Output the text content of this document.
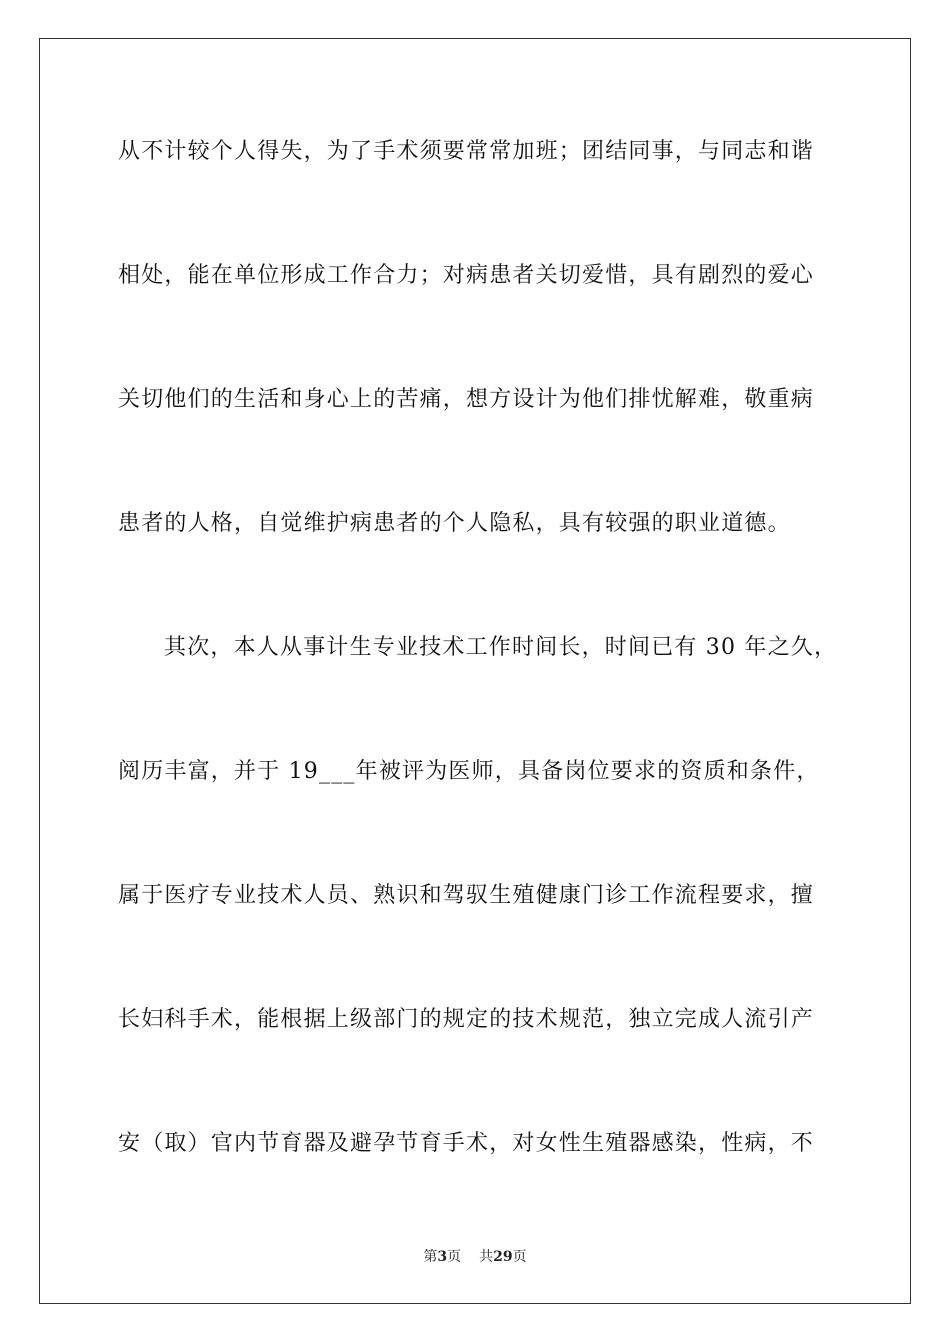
从不计较个人得失，为了手术须要常常加班；团结同事，与同志和谐
相处，能在单位形成工作合力；对病患者关切爱惜，具有剧烈的爱心
关切他们的生活和身心上的苦痛，想方设计为他们排忧解难，敬重病
患者的人格，自觉维护病患者的个人隐私，具有较强的职业道德。
其次，本人从事计生专业技术工作时间长，时间已有 30 年之久，
阅历丰富，并于 19___年被评为医师，具备岗位要求的资质和条件，
属于医疗专业技术人员、熟识和驾驭生殖健康门诊工作流程要求，擅
长妇科手术，能根据上级部门的规定的技术规范，独立完成人流引产
安（取）官内节育器及避孕节育手术，对女性生殖器感染，性病，不
第3页 共29页
